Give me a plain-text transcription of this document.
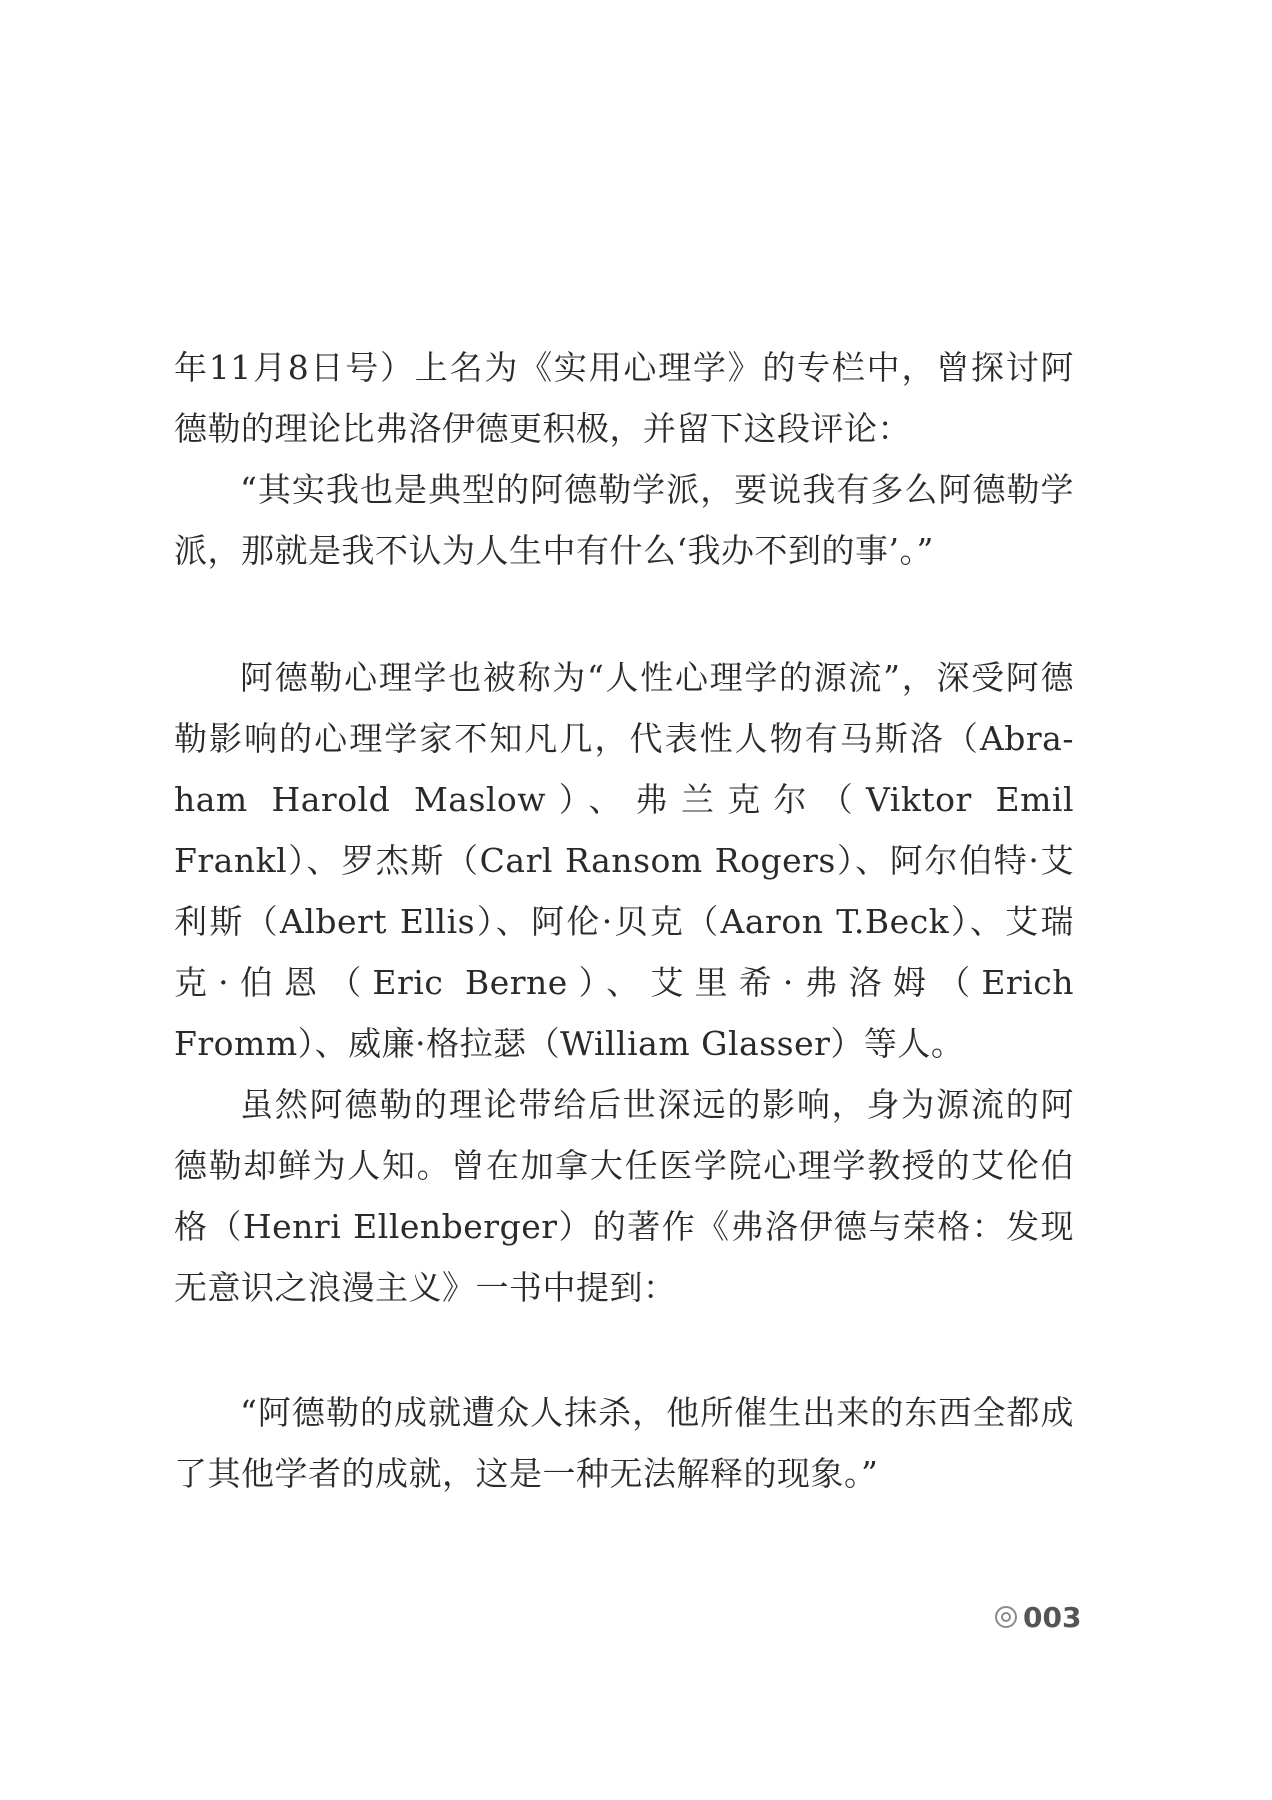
年11月8日号）上名为《实用心理学》的专栏中，曾探讨阿德勒的理论比弗洛伊德更积极，并留下这段评论：

“其实我也是典型的阿德勒学派，要说我有多么阿德勒学派，那就是我不认为人生中有什么‘我办不到的事’。”

阿德勒心理学也被称为“人性心理学的源流”，深受阿德勒影响的心理学家不知凡几，代表性人物有马斯洛（Abra-ham Harold Maslow）、弗兰克尔（Viktor Emil Frankl）、罗杰斯（Carl Ransom Rogers）、阿尔伯特·艾利斯（Albert Ellis）、阿伦·贝克（Aaron T.Beck）、艾瑞克·伯恩（Eric Berne）、艾里希·弗洛姆（Erich Fromm）、威廉·格拉瑟（William Glasser）等人。

虽然阿德勒的理论带给后世深远的影响，身为源流的阿德勒却鲜为人知。曾在加拿大任医学院心理学教授的艾伦伯格（Henri Ellenberger）的著作《弗洛伊德与荣格：发现无意识之浪漫主义》一书中提到：

“阿德勒的成就遭众人抹杀，他所催生出来的东西全都成了其他学者的成就，这是一种无法解释的现象。”

003
